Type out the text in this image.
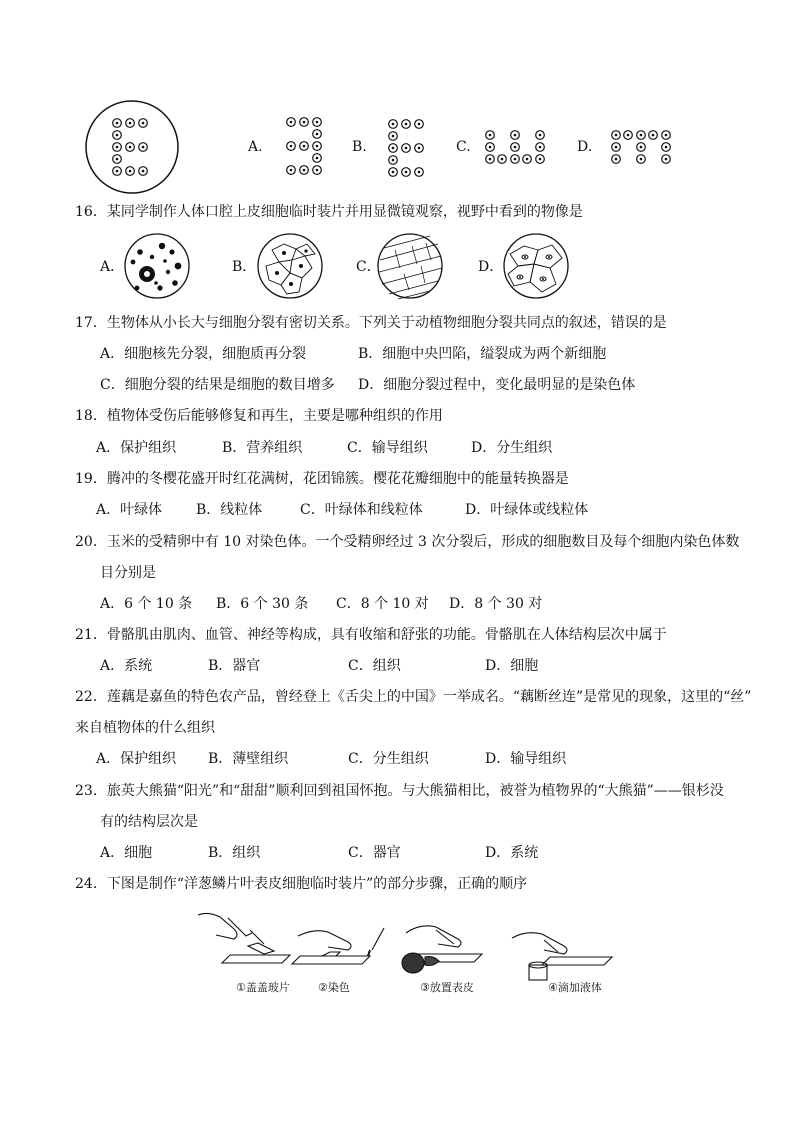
A.	B.	C.	D.
16．某同学制作人体口腔上皮细胞临时装片并用显微镜观察，视野中看到的物像是
A．	B．	C．	D．
17．生物体从小长大与细胞分裂有密切关系。下列关于动植物细胞分裂共同点的叙述，错误的是
A．细胞核先分裂，细胞质再分裂	B．细胞中央凹陷，缢裂成为两个新细胞
C．细胞分裂的结果是细胞的数目增多 D．细胞分裂过程中，变化最明显的是染色体
18．植物体受伤后能够修复和再生，主要是哪种组织的作用
A．保护组织	B．营养组织	C．输导组织	D．分生组织
19．腾冲的冬樱花盛开时红花满树，花团锦簇。樱花花瓣细胞中的能量转换器是
A．叶绿体 B．线粒体	C．叶绿体和线粒体	D．叶绿体或线粒体
20．玉米的受精卵中有 10 对染色体。一个受精卵经过 3 次分裂后，形成的细胞数目及每个细胞内染色体数
目分别是
A．6 个 10 条 B．6 个 30 条 C．8 个 10 对 D．8 个 30 对
21．骨骼肌由肌肉、血管、神经等构成，具有收缩和舒张的功能。骨骼肌在人体结构层次中属于
A．系统	B．器官	C．组织	D．细胞
22．莲藕是嘉鱼的特色农产品，曾经登上《舌尖上的中国》一举成名。“藕断丝连”是常见的现象，这里的“丝”
来自植物体的什么组织
A．保护组织 B．薄壁组织	C．分生组织	D．输导组织
23．旅英大熊猫“阳光”和“甜甜”顺利回到祖国怀抱。与大熊猫相比，被誉为植物界的“大熊猫”——银杉没
有的结构层次是
A．细胞	B．组织	C．器官	D．系统
24．下图是制作“洋葱鳞片叶表皮细胞临时装片”的部分步骤，正确的顺序
①盖盖玻片	②染色	③放置表皮	④滴加液体
